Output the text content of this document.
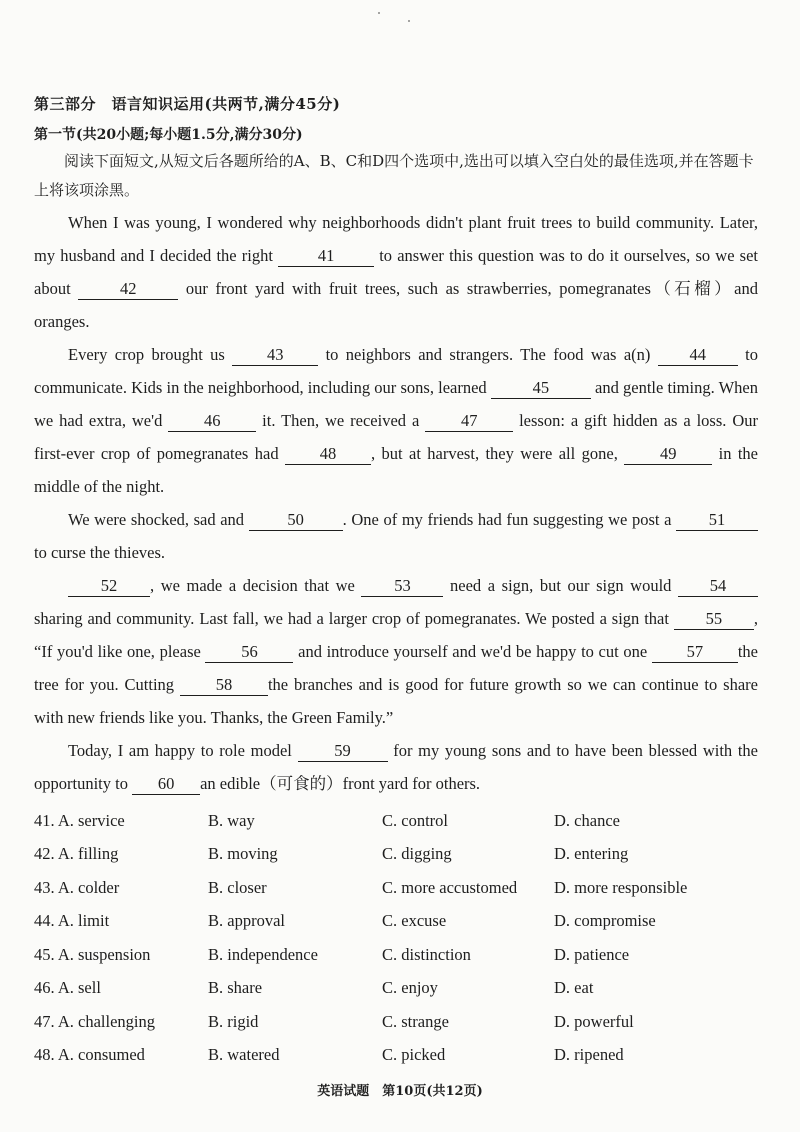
第三部分　语言知识运用(共两节,满分45分)
第一节(共20小题;每小题1.5分,满分30分)
阅读下面短文,从短文后各题所给的A、B、C和D四个选项中,选出可以填入空白处的最佳选项,并在答题卡上将该项涂黑。

When I was young, I wondered why neighborhoods didn't plant fruit trees to build community. Later, my husband and I decided the right 41 to answer this question was to do it ourselves, so we set about	42	our front yard with fruit trees, such as strawberries, pomegranates（石榴）and oranges.

Every crop brought us 43 to neighbors and strangers. The food was a(n) 44 to communicate. Kids in the neighborhood, including our sons, learned	45	and gentle timing. When we had extra, we'd 46 it. Then, we received a 47 lesson: a gift hidden as a loss. Our first-ever crop of pomegranates had 48 , but at harvest, they were all gone, 49 in the middle of the night.

We were shocked, sad and 50 . One of my friends had fun suggesting we post a 51 to curse the thieves.

52 , we made a decision that we 53 need a sign, but our sign would 54 sharing and community. Last fall, we had a larger crop of pomegranates. We posted a sign that 55 , “If you'd like one, please 56 and introduce yourself and we'd be happy to cut one 57 the tree for you. Cutting 58 the branches and is good for future growth so we can continue to share with new friends like you. Thanks, the Green Family.”

Today, I am happy to role model 59 for my young sons and to have been blessed with the opportunity to 60 an edible（可食的）front yard for others.

41. A. service	B. way	C. control	D. chance
42. A. filling	B. moving	C. digging	D. entering
43. A. colder	B. closer	C. more accustomed	D. more responsible
44. A. limit	B. approval	C. excuse	D. compromise
45. A. suspension	B. independence	C. distinction	D. patience
46. A. sell	B. share	C. enjoy	D. eat
47. A. challenging	B. rigid	C. strange	D. powerful
48. A. consumed	B. watered	C. picked	D. ripened
英语试题　第10页(共12页)
